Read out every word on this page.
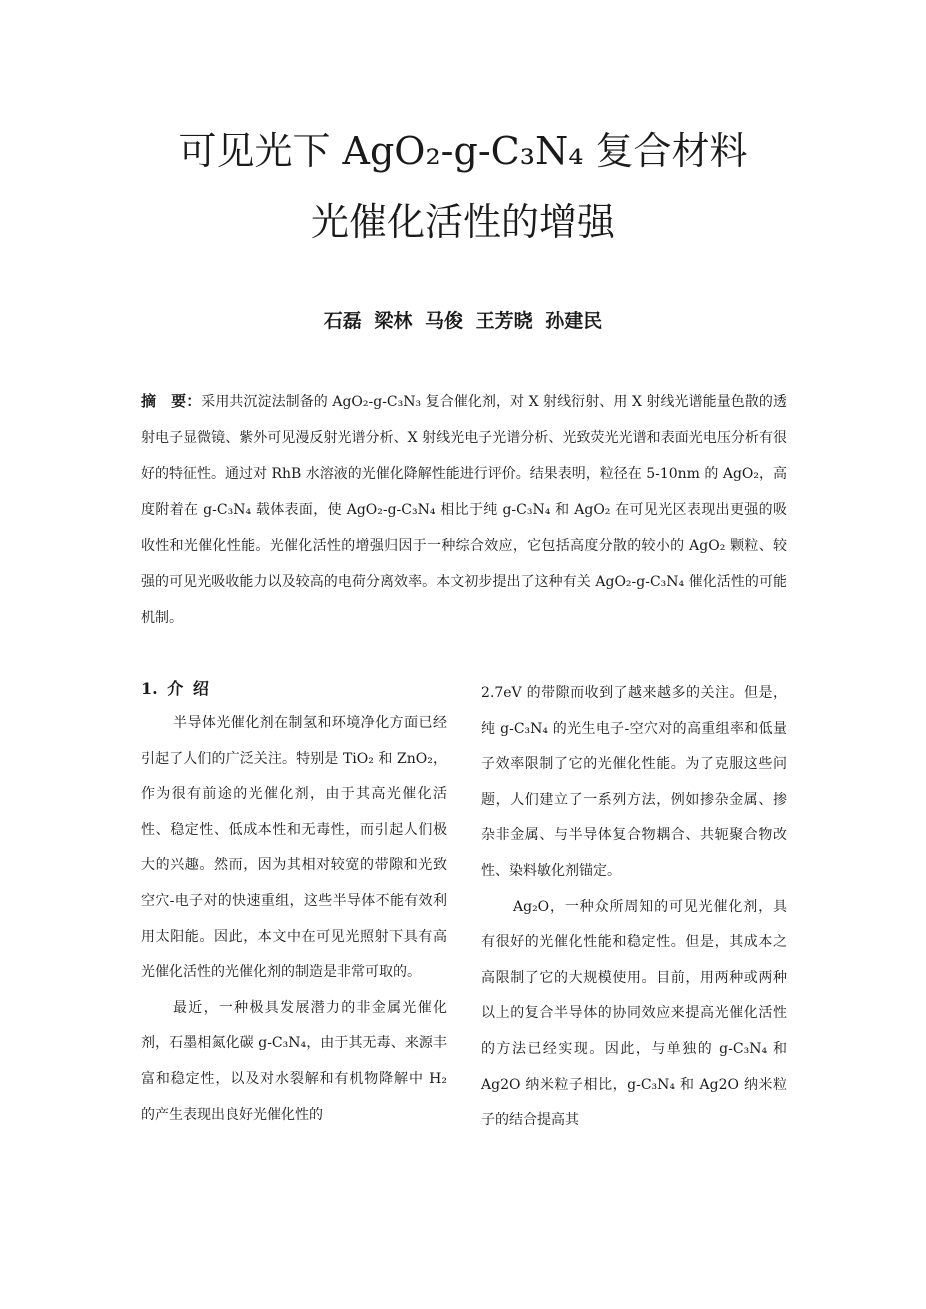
可见光下 AgO₂-g-C₃N₄ 复合材料
光催化活性的增强
石磊 梁林 马俊 王芳晓 孙建民

摘　要：采用共沉淀法制备的 AgO₂-g-C₃N₃ 复合催化剂，对 X 射线衍射、用 X 射线光谱能量色散的透射电子显微镜、紫外可见漫反射光谱分析、X 射线光电子光谱分析、光致荧光光谱和表面光电压分析有很好的特征性。通过对 RhB 水溶液的光催化降解性能进行评价。结果表明，粒径在 5-10nm 的 AgO₂，高度附着在 g-C₃N₄ 载体表面，使 AgO₂-g-C₃N₄ 相比于纯 g-C₃N₄ 和 AgO₂ 在可见光区表现出更强的吸收性和光催化性能。光催化活性的增强归因于一种综合效应，它包括高度分散的较小的 AgO₂ 颗粒、较强的可见光吸收能力以及较高的电荷分离效率。本文初步提出了这种有关 AgO₂-g-C₃N₄ 催化活性的可能机制。

1. 介 绍

半导体光催化剂在制氢和环境净化方面已经引起了人们的广泛关注。特别是 TiO₂ 和 ZnO₂，作为很有前途的光催化剂，由于其高光催化活性、稳定性、低成本性和无毒性，而引起人们极大的兴趣。然而，因为其相对较宽的带隙和光致空穴-电子对的快速重组，这些半导体不能有效利用太阳能。因此，本文中在可见光照射下具有高光催化活性的光催化剂的制造是非常可取的。

最近，一种极具发展潜力的非金属光催化剂，石墨相氮化碳 g-C₃N₄，由于其无毒、来源丰富和稳定性，以及对水裂解和有机物降解中 H₂ 的产生表现出良好光催化性的

2.7eV 的带隙而收到了越来越多的关注。但是，纯 g-C₃N₄ 的光生电子-空穴对的高重组率和低量子效率限制了它的光催化性能。为了克服这些问题，人们建立了一系列方法，例如掺杂金属、掺杂非金属、与半导体复合物耦合、共轭聚合物改性、染料敏化剂锚定。

Ag₂O，一种众所周知的可见光催化剂，具有很好的光催化性能和稳定性。但是，其成本之高限制了它的大规模使用。目前，用两种或两种以上的复合半导体的协同效应来提高光催化活性的方法已经实现。因此，与单独的 g-C₃N₄ 和 Ag2O 纳米粒子相比，g-C₃N₄ 和 Ag2O 纳米粒子的结合提高其
